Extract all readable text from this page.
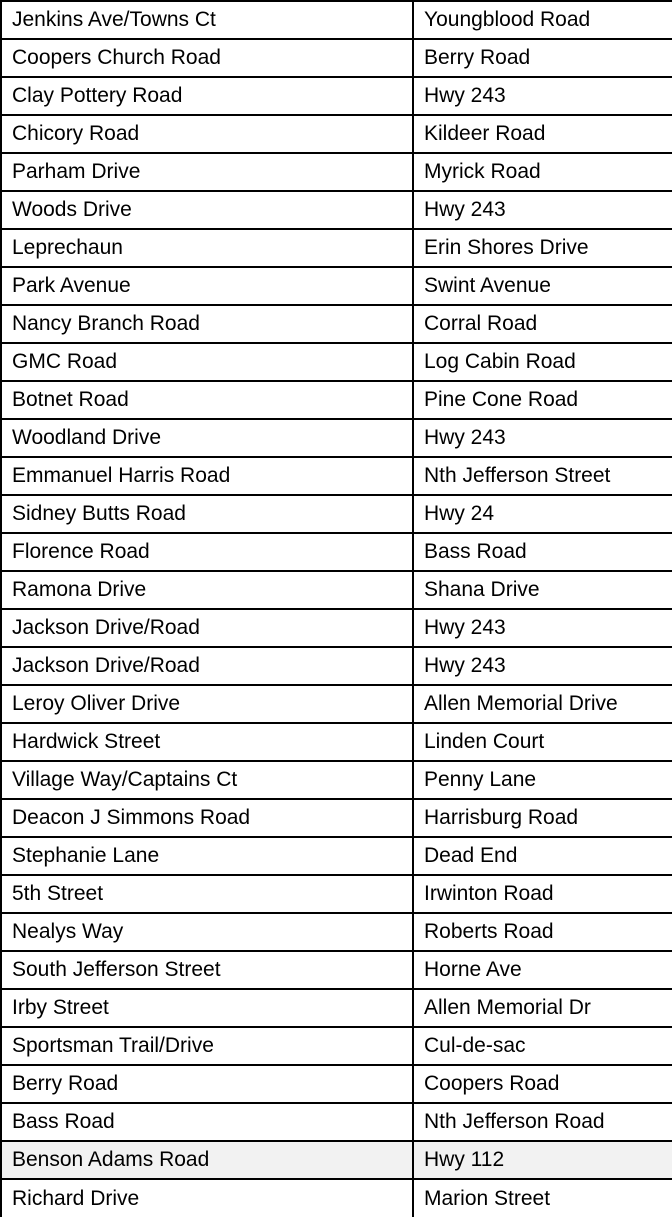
Jenkins Ave/Towns Ct	Youngblood Road
Coopers Church Road	Berry Road
Clay Pottery Road	Hwy 243
Chicory Road	Kildeer Road
Parham Drive	Myrick Road
Woods Drive	Hwy 243
Leprechaun	Erin Shores Drive
Park Avenue	Swint Avenue
Nancy Branch Road	Corral Road
GMC Road	Log Cabin Road
Botnet Road	Pine Cone Road
Woodland Drive	Hwy 243
Emmanuel Harris Road	Nth Jefferson Street
Sidney Butts Road	Hwy 24
Florence Road	Bass Road
Ramona Drive	Shana Drive
Jackson Drive/Road	Hwy 243
Jackson Drive/Road	Hwy 243
Leroy Oliver Drive	Allen Memorial Drive
Hardwick Street	Linden Court
Village Way/Captains Ct	Penny Lane
Deacon J Simmons Road	Harrisburg Road
Stephanie Lane	Dead End
5th Street	Irwinton Road
Nealys Way	Roberts Road
South Jefferson Street	Horne Ave
Irby Street	Allen Memorial Dr
Sportsman Trail/Drive	Cul-de-sac
Berry Road	Coopers Road
Bass Road	Nth Jefferson Road
Benson Adams Road	Hwy 112
Richard Drive	Marion Street
